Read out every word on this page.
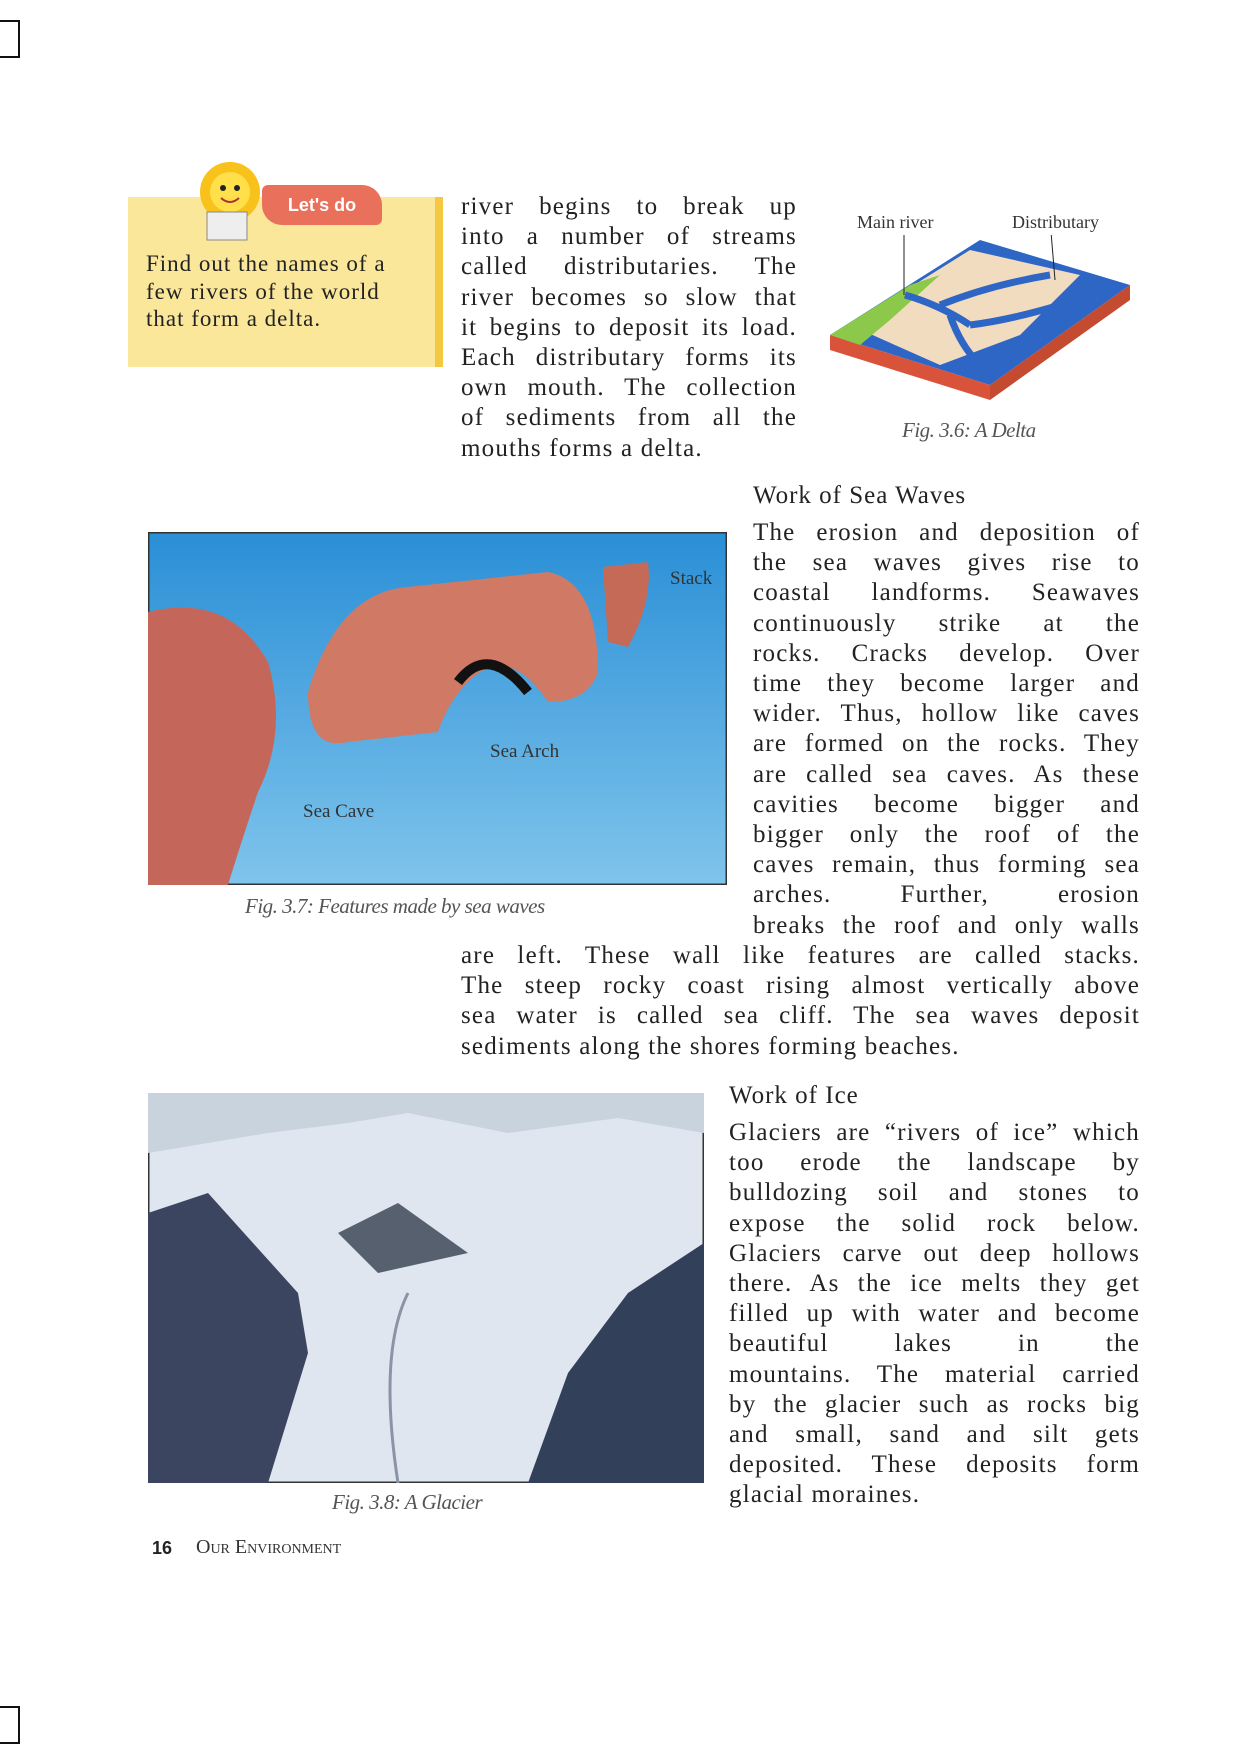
Let's do
Find out the names of a few rivers of the world that form a delta.
river begins to break up
into a number of streams
called distributaries. The
river becomes so slow that
it begins to deposit its load.
Each distributary forms its
own mouth. The collection
of sediments from all the

mouths forms a delta.
Main river	Distributary
Fig. 3.6: A Delta
Work of Sea Waves
The erosion and deposition of
the sea waves gives rise to
coastal landforms. Seawaves
continuously strike at the
rocks. Cracks develop. Over
time they become larger and
wider. Thus, hollow like caves
are formed on the rocks. They
are called sea caves. As these
cavities become bigger and
bigger only the roof of the
caves remain, thus forming sea
arches. Further, erosion
breaks the roof and only walls
are left. These wall like features are called stacks.
The steep rocky coast rising almost vertically above
sea water is called sea cliff. The sea waves deposit

sediments along the shores forming beaches.
Stack
Sea Arch
Sea Cave
Fig. 3.7: Features made by sea waves
Fig. 3.8: A Glacier
Work of Ice
Glaciers are “rivers of ice” which
too erode the landscape by
bulldozing soil and stones to
expose the solid rock below.
Glaciers carve out deep hollows
there. As the ice melts they get
filled up with water and become
beautiful lakes in the
mountains. The material carried
by the glacier such as rocks big
and small, sand and silt gets
deposited. These deposits form

glacial moraines.
16 Our Environment
